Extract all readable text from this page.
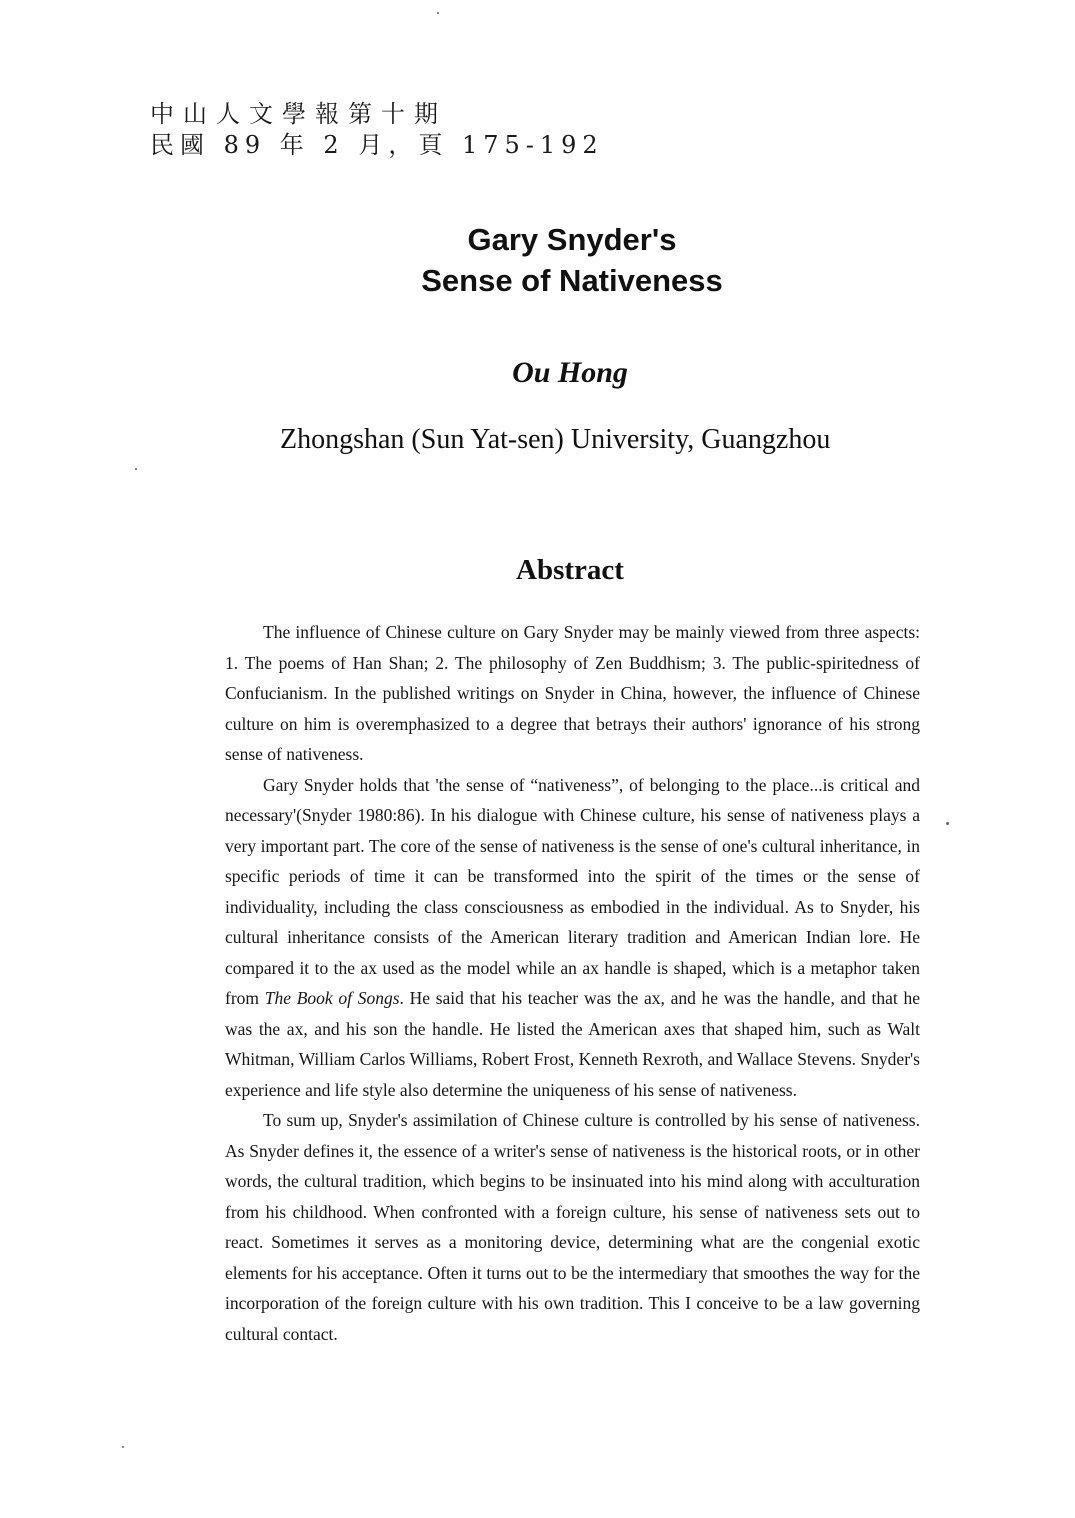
中山人文學報第十期
民國 89 年 2 月，頁 175-192
Gary Snyder's
Sense of Nativeness
Ou Hong
Zhongshan (Sun Yat-sen) University, Guangzhou
Abstract

The influence of Chinese culture on Gary Snyder may be mainly viewed from three aspects: 1. The poems of Han Shan; 2. The philosophy of Zen Buddhism; 3. The public-spiritedness of Confucianism. In the published writings on Snyder in China, however, the influence of Chinese culture on him is overemphasized to a degree that betrays their authors' ignorance of his strong sense of nativeness.

Gary Snyder holds that 'the sense of “nativeness”, of belonging to the place...is critical and necessary'(Snyder 1980:86). In his dialogue with Chinese culture, his sense of nativeness plays a very important part. The core of the sense of nativeness is the sense of one's cultural inheritance, in specific periods of time it can be transformed into the spirit of the times or the sense of individuality, including the class consciousness as embodied in the individual. As to Snyder, his cultural inheritance consists of the American literary tradition and American Indian lore. He compared it to the ax used as the model while an ax handle is shaped, which is a metaphor taken from The Book of Songs. He said that his teacher was the ax, and he was the handle, and that he was the ax, and his son the handle. He listed the American axes that shaped him, such as Walt Whitman, William Carlos Williams, Robert Frost, Kenneth Rexroth, and Wallace Stevens. Snyder's experience and life style also determine the uniqueness of his sense of nativeness.

To sum up, Snyder's assimilation of Chinese culture is controlled by his sense of nativeness. As Snyder defines it, the essence of a writer's sense of nativeness is the historical roots, or in other words, the cultural tradition, which begins to be insinuated into his mind along with acculturation from his childhood. When confronted with a foreign culture, his sense of nativeness sets out to react. Sometimes it serves as a monitoring device, determining what are the congenial exotic elements for his acceptance. Often it turns out to be the intermediary that smoothes the way for the incorporation of the foreign culture with his own tradition. This I conceive to be a law governing cultural contact.
